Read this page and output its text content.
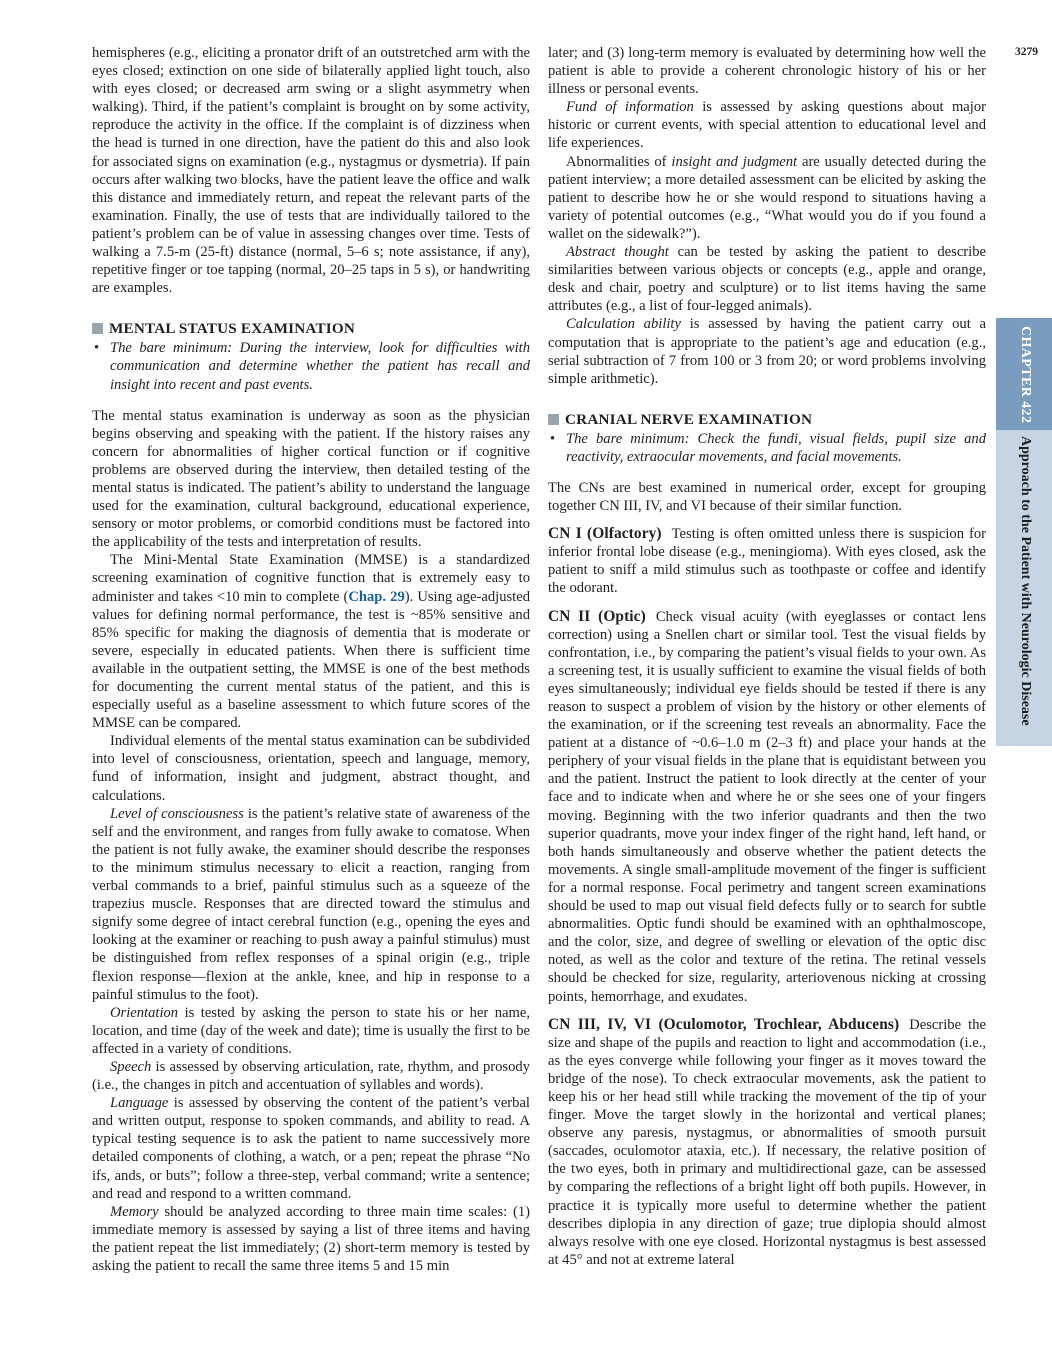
3279
CHAPTER 422
Approach to the Patient with Neurologic Disease

hemispheres (e.g., eliciting a pronator drift of an outstretched arm with the eyes closed; extinction on one side of bilaterally applied light touch, also with eyes closed; or decreased arm swing or a slight asymmetry when walking). Third, if the patient’s complaint is brought on by some activity, reproduce the activity in the office. If the complaint is of dizziness when the head is turned in one direction, have the patient do this and also look for associated signs on examination (e.g., nystagmus or dysmetria). If pain occurs after walking two blocks, have the patient leave the office and walk this distance and immediately return, and repeat the relevant parts of the examination. Finally, the use of tests that are individually tailored to the patient’s problem can be of value in assessing changes over time. Tests of walking a 7.5-m (25-ft) distance (normal, 5–6 s; note assistance, if any), repetitive finger or toe tapping (normal, 20–25 taps in 5 s), or handwriting are examples.

MENTAL STATUS EXAMINATION
• The bare minimum: During the interview, look for difficulties with communication and determine whether the patient has recall and insight into recent and past events.

The mental status examination is underway as soon as the physician begins observing and speaking with the patient. If the history raises any concern for abnormalities of higher cortical function or if cognitive problems are observed during the interview, then detailed testing of the mental status is indicated. The patient’s ability to understand the language used for the examination, cultural background, educational experience, sensory or motor problems, or comorbid conditions must be factored into the applicability of the tests and interpretation of results.

The Mini-Mental State Examination (MMSE) is a standardized screening examination of cognitive function that is extremely easy to administer and takes <10 min to complete (Chap. 29). Using age-adjusted values for defining normal performance, the test is ~85% sensitive and 85% specific for making the diagnosis of dementia that is moderate or severe, especially in educated patients. When there is sufficient time available in the outpatient setting, the MMSE is one of the best methods for documenting the current mental status of the patient, and this is especially useful as a baseline assessment to which future scores of the MMSE can be compared.

Individual elements of the mental status examination can be subdivided into level of consciousness, orientation, speech and language, memory, fund of information, insight and judgment, abstract thought, and calculations.

Level of consciousness is the patient’s relative state of awareness of the self and the environment, and ranges from fully awake to comatose. When the patient is not fully awake, the examiner should describe the responses to the minimum stimulus necessary to elicit a reaction, ranging from verbal commands to a brief, painful stimulus such as a squeeze of the trapezius muscle. Responses that are directed toward the stimulus and signify some degree of intact cerebral function (e.g., opening the eyes and looking at the examiner or reaching to push away a painful stimulus) must be distinguished from reflex responses of a spinal origin (e.g., triple flexion response—flexion at the ankle, knee, and hip in response to a painful stimulus to the foot).

Orientation is tested by asking the person to state his or her name, location, and time (day of the week and date); time is usually the first to be affected in a variety of conditions.

Speech is assessed by observing articulation, rate, rhythm, and prosody (i.e., the changes in pitch and accentuation of syllables and words).

Language is assessed by observing the content of the patient’s verbal and written output, response to spoken commands, and ability to read. A typical testing sequence is to ask the patient to name successively more detailed components of clothing, a watch, or a pen; repeat the phrase “No ifs, ands, or buts”; follow a three-step, verbal command; write a sentence; and read and respond to a written command.

Memory should be analyzed according to three main time scales: (1) immediate memory is assessed by saying a list of three items and having the patient repeat the list immediately; (2) short-term memory is tested by asking the patient to recall the same three items 5 and 15 min

later; and (3) long-term memory is evaluated by determining how well the patient is able to provide a coherent chronologic history of his or her illness or personal events.

Fund of information is assessed by asking questions about major historic or current events, with special attention to educational level and life experiences.

Abnormalities of insight and judgment are usually detected during the patient interview; a more detailed assessment can be elicited by asking the patient to describe how he or she would respond to situations having a variety of potential outcomes (e.g., “What would you do if you found a wallet on the sidewalk?”).

Abstract thought can be tested by asking the patient to describe similarities between various objects or concepts (e.g., apple and orange, desk and chair, poetry and sculpture) or to list items having the same attributes (e.g., a list of four-legged animals).

Calculation ability is assessed by having the patient carry out a computation that is appropriate to the patient’s age and education (e.g., serial subtraction of 7 from 100 or 3 from 20; or word problems involving simple arithmetic).

CRANIAL NERVE EXAMINATION
• The bare minimum: Check the fundi, visual fields, pupil size and reactivity, extraocular movements, and facial movements.

The CNs are best examined in numerical order, except for grouping together CN III, IV, and VI because of their similar function.

CN I (Olfactory) Testing is often omitted unless there is suspicion for inferior frontal lobe disease (e.g., meningioma). With eyes closed, ask the patient to sniff a mild stimulus such as toothpaste or coffee and identify the odorant.

CN II (Optic) Check visual acuity (with eyeglasses or contact lens correction) using a Snellen chart or similar tool. Test the visual fields by confrontation, i.e., by comparing the patient’s visual fields to your own. As a screening test, it is usually sufficient to examine the visual fields of both eyes simultaneously; individual eye fields should be tested if there is any reason to suspect a problem of vision by the history or other elements of the examination, or if the screening test reveals an abnormality. Face the patient at a distance of ~0.6–1.0 m (2–3 ft) and place your hands at the periphery of your visual fields in the plane that is equidistant between you and the patient. Instruct the patient to look directly at the center of your face and to indicate when and where he or she sees one of your fingers moving. Beginning with the two inferior quadrants and then the two superior quadrants, move your index finger of the right hand, left hand, or both hands simultaneously and observe whether the patient detects the movements. A single small-amplitude movement of the finger is sufficient for a normal response. Focal perimetry and tangent screen examinations should be used to map out visual field defects fully or to search for subtle abnormalities. Optic fundi should be examined with an ophthalmoscope, and the color, size, and degree of swelling or elevation of the optic disc noted, as well as the color and texture of the retina. The retinal vessels should be checked for size, regularity, arteriovenous nicking at crossing points, hemorrhage, and exudates.

CN III, IV, VI (Oculomotor, Trochlear, Abducens) Describe the size and shape of the pupils and reaction to light and accommodation (i.e., as the eyes converge while following your finger as it moves toward the bridge of the nose). To check extraocular movements, ask the patient to keep his or her head still while tracking the movement of the tip of your finger. Move the target slowly in the horizontal and vertical planes; observe any paresis, nystagmus, or abnormalities of smooth pursuit (saccades, oculomotor ataxia, etc.). If necessary, the relative position of the two eyes, both in primary and multidirectional gaze, can be assessed by comparing the reflections of a bright light off both pupils. However, in practice it is typically more useful to determine whether the patient describes diplopia in any direction of gaze; true diplopia should almost always resolve with one eye closed. Horizontal nystagmus is best assessed at 45° and not at extreme lateral
